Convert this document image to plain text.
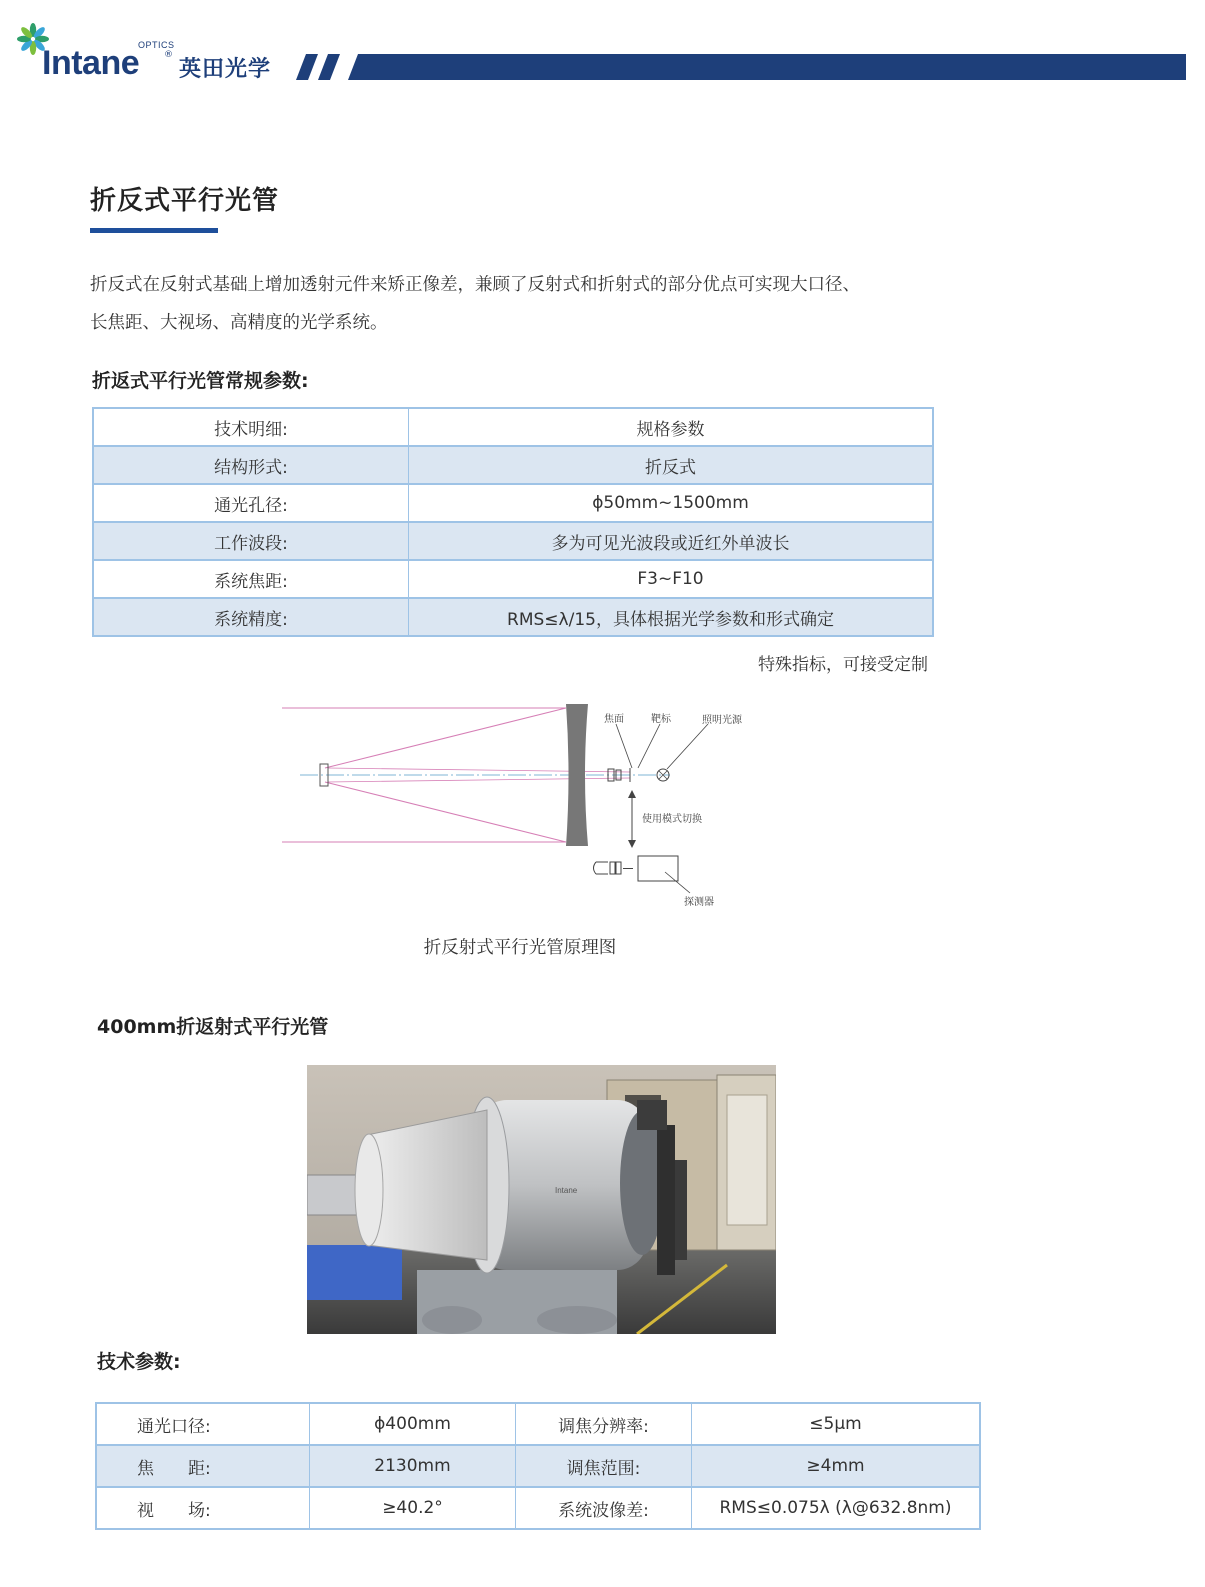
OPTICS
Intane	®
英田光学
折反式平行光管
折反式在反射式基础上增加透射元件来矫正像差，兼顾了反射式和折射式的部分优点可实现大口径、
长焦距、大视场、高精度的光学系统。
折返式平行光管常规参数:
技术明细:	规格参数
结构形式:	折反式
通光孔径:	ϕ50mm~1500mm
工作波段:	多为可见光波段或近红外单波长
系统焦距:	F3~F10
系统精度:	RMS≤λ/15，具体根据光学参数和形式确定
特殊指标，可接受定制
焦面	靶标	照明光源
使用模式切换
探测器
折反射式平行光管原理图
400mm折返射式平行光管
Intane
技术参数:
通光口径:	ϕ400mm	调焦分辨率:	≤5μm
焦　　距:	2130mm	调焦范围:	≥4mm
视　　场:	≥40.2°	系统波像差:	RMS≤0.075λ (λ@632.8nm)
